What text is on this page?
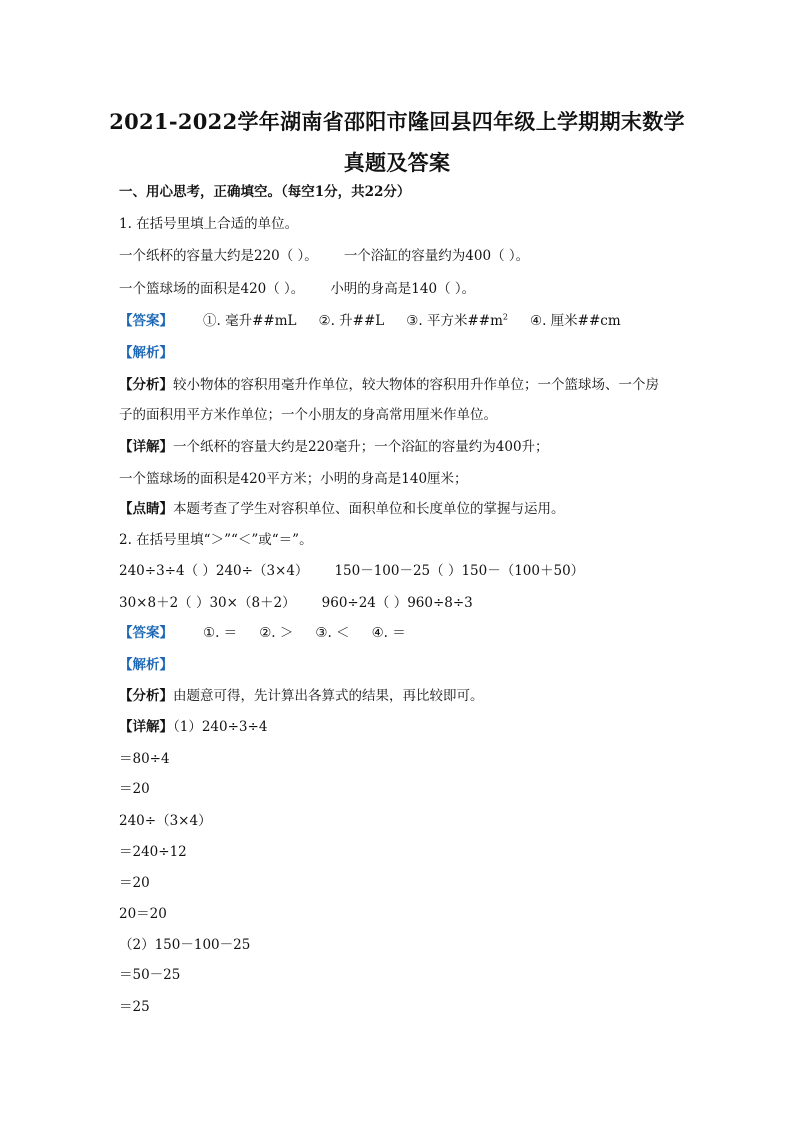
2021-2022学年湖南省邵阳市隆回县四年级上学期期末数学
真题及答案
一、用心思考，正确填空。（每空1分，共22分）
1. 在括号里填上合适的单位。
一个纸杯的容量大约是220（ ）。 一个浴缸的容量约为400（ ）。
一个篮球场的面积是420（ ）。 小明的身高是140（ ）。
【答案】 ①. 毫升##mL ②. 升##L ③. 平方米$\#\#m^2$ ④. 厘米##cm
【解析】
【分析】较小物体的容积用毫升作单位，较大物体的容积用升作单位；一个篮球场、一个房
子的面积用平方米作单位；一个小朋友的身高常用厘米作单位。
【详解】一个纸杯的容量大约是220毫升；一个浴缸的容量约为400升；
一个篮球场的面积是420平方米；小明的身高是140厘米；
【点睛】本题考查了学生对容积单位、面积单位和长度单位的掌握与运用。
2. 在括号里填“＞”“＜”或“＝”。
240÷3÷4（ ）240÷（3×4） 150－100－25（ ）150－（100＋50）
30×8＋2（ ）30×（8＋2） 960÷24（ ）960÷8÷3
【答案】 ①. ＝ ②. ＞ ③. ＜ ④. ＝
【解析】
【分析】由题意可得，先计算出各算式的结果，再比较即可。
【详解】（1）240÷3÷4
＝80÷4
＝20
240÷（3×4）
＝240÷12
＝20
20＝20
（2）150－100－25
＝50－25
＝25
